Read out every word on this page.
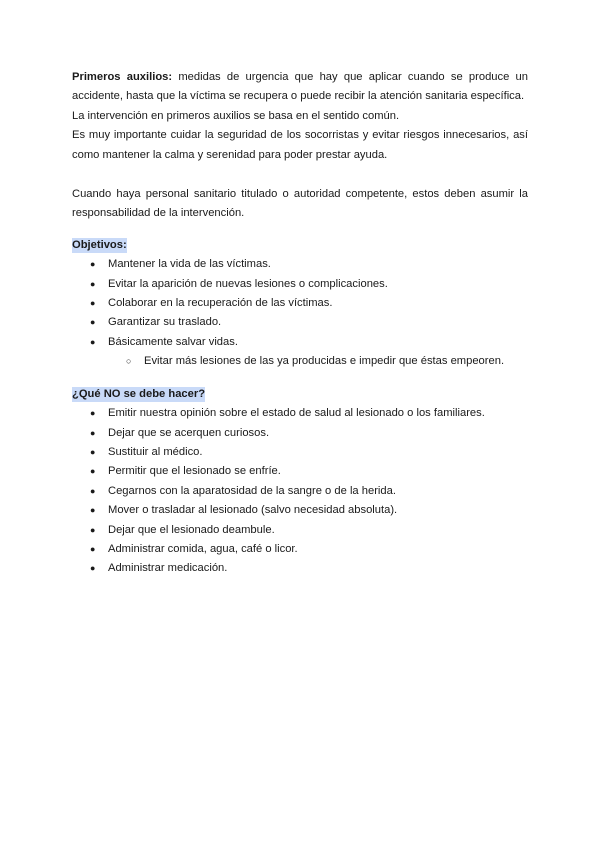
Primeros auxilios: medidas de urgencia que hay que aplicar cuando se produce un accidente, hasta que la víctima se recupera o puede recibir la atención sanitaria específica.

La intervención en primeros auxilios se basa en el sentido común.

Es muy importante cuidar la seguridad de los socorristas y evitar riesgos innecesarios, así como mantener la calma y serenidad para poder prestar ayuda.

Cuando haya personal sanitario titulado o autoridad competente, estos deben asumir la responsabilidad de la intervención.

Objetivos:
● Mantener la vida de las víctimas.
● Evitar la aparición de nuevas lesiones o complicaciones.
● Colaborar en la recuperación de las víctimas.
● Garantizar su traslado.
● Básicamente salvar vidas.
○ Evitar más lesiones de las ya producidas e impedir que éstas empeoren.
¿Qué NO se debe hacer?
● Emitir nuestra opinión sobre el estado de salud al lesionado o los familiares.
● Dejar que se acerquen curiosos.
● Sustituir al médico.
● Permitir que el lesionado se enfríe.
● Cegarnos con la aparatosidad de la sangre o de la herida.
● Mover o trasladar al lesionado (salvo necesidad absoluta).
● Dejar que el lesionado deambule.
● Administrar comida, agua, café o licor.
● Administrar medicación.
